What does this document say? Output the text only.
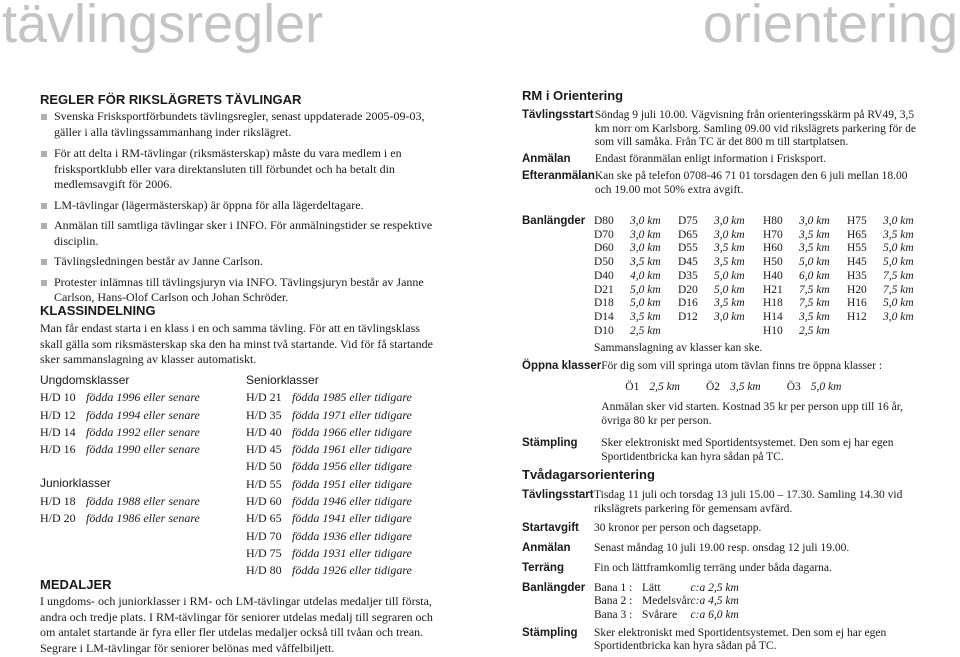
tävlingsregler	orientering
REGLER FÖR RIKSLÄGRETS TÄVLINGAR
Svenska Frisksportförbundets tävlingsregler, senast uppdaterade 2005-09-03, gäller i alla tävlingssammanhang inder rikslägret.
För att delta i RM-tävlingar (riksmästerskap) måste du vara medlem i en frisksportklubb eller vara direktansluten till förbundet och ha betalt din medlemsavgift för 2006.
LM-tävlingar (lägermästerskap) är öppna för alla lägerdeltagare.
Anmälan till samtliga tävlingar sker i INFO. För anmälningstider se respektive disciplin.
Tävlingsledningen består av Janne Carlson.
Protester inlämnas till tävlingsjuryn via INFO. Tävlingsjuryn består av Janne Carlson, Hans-Olof Carlson och Johan Schröder.
KLASSINDELNING
Man får endast starta i en klass i en och samma tävling. För att en tävlingsklass skall gälla som riksmästerskap ska den ha minst två startande. Vid för få startande sker sammanslagning av klasser automatiskt.
Ungdomsklasser	
H/D 10	födda 1996 eller senare
H/D 12	födda 1994 eller senare
H/D 14	födda 1992 eller senare
H/D 16	födda 1990 eller senare

Juniorklasser	
H/D 18	födda 1988 eller senare
H/D 20	födda 1986 eller senare
Seniorklasser	
H/D 21	födda 1985 eller tidigare
H/D 35	födda 1971 eller tidigare
H/D 40	födda 1966 eller tidigare
H/D 45	födda 1961 eller tidigare
H/D 50	födda 1956 eller tidigare
H/D 55	födda 1951 eller tidigare
H/D 60	födda 1946 eller tidigare
H/D 65	födda 1941 eller tidigare
H/D 70	födda 1936 eller tidigare
H/D 75	födda 1931 eller tidigare
H/D 80	födda 1926 eller tidigare
MEDALJER
I ungdoms- och juniorklasser i RM- och LM-tävlingar utdelas medaljer till första, andra och tredje plats. I RM-tävlingar för seniorer utdelas medalj till segraren och om antalet startande är fyra eller fler utdelas medaljer också till tvåan och trean. Segrare i LM-tävlingar för seniorer belönas med våffelbiljett.
RM i Orientering
Tävlingsstart	Söndag 9 juli 10.00. Vägvisning från orienteringsskärm på RV49, 3,5 km norr om Karlsborg. Samling 09.00 vid rikslägrets parkering för de som vill samåka. Från TC är det 800 m till startplatsen.
Anmälan	Endast föranmälan enligt information i Frisksport.
Efteranmälan	Kan ske på telefon 0708-46 71 01 torsdagen den 6 juli mellan 18.00 och 19.00 mot 50% extra avgift.
Banlängder	D80	3,0 km	D75	3,0 km	H80	3,0 km	H75	3,0 km
D70	3,0 km	D65	3,0 km	H70	3,5 km	H65	3,5 km
D60	3,0 km	D55	3,5 km	H60	3,5 km	H55	5,0 km
D50	3,5 km	D45	3,5 km	H50	5,0 km	H45	5,0 km
D40	4,0 km	D35	5,0 km	H40	6,0 km	H35	7,5 km
D21	5,0 km	D20	5,0 km	H21	7,5 km	H20	7,5 km
D18	5,0 km	D16	3,5 km	H18	7,5 km	H16	5,0 km
D14	3,5 km	D12	3,0 km	H14	3,5 km	H12	3,0 km
D10	2,5 km			H10	2,5 km		
Sammanslagning av klasser kan ske.
Öppna klasser	För dig som vill springa utom tävlan finns tre öppna klasser :
Ö1 2,5 km Ö2 3,5 km Ö3 5,0 km
Anmälan sker vid starten. Kostnad 35 kr per person upp till 16 år, övriga 80 kr per person.

Stämpling	Sker elektroniskt med Sportidentsystemet. Den som ej har egen Sportidentbricka kan hyra sådan på TC.
Tvådagarsorientering
Tävlingsstart	Tisdag 11 juli och torsdag 13 juli 15.00 – 17.30. Samling 14.30 vid rikslägrets parkering för gemensam avfärd.
Startavgift	30 kronor per person och dagsetapp.
Anmälan	Senast måndag 10 juli 19.00 resp. onsdag 12 juli 19.00.
Terräng	Fin och lättframkomlig terräng under båda dagarna.
Banlängder	Bana 1 :	Lätt	c:a 2,5 km
Bana 2 :	Medelsvår	c:a 4,5 km
Bana 3 :	Svårare	c:a 6,0 km

Stämpling	Sker elektroniskt med Sportidentsystemet. Den som ej har egen Sportidentbricka kan hyra sådan på TC.
